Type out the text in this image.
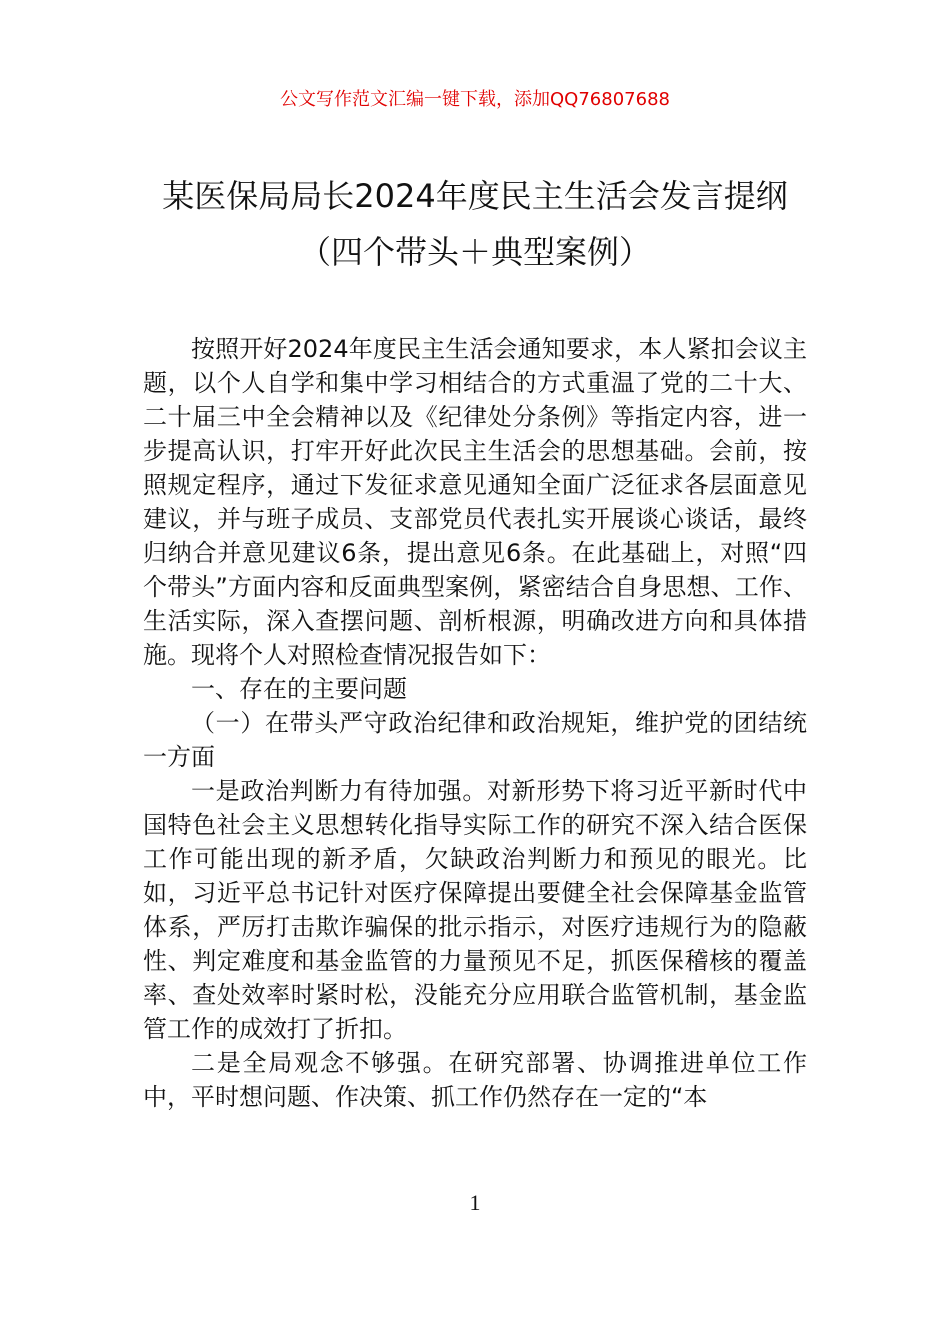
公文写作范文汇编一键下载，添加QQ76807688
某医保局局长2024年度民主生活会发言提纲（四个带头＋典型案例）

按照开好2024年度民主生活会通知要求，本人紧扣会议主题，以个人自学和集中学习相结合的方式重温了党的二十大、二十届三中全会精神以及《纪律处分条例》等指定内容，进一步提高认识，打牢开好此次民主生活会的思想基础。会前，按照规定程序，通过下发征求意见通知全面广泛征求各层面意见建议，并与班子成员、支部党员代表扎实开展谈心谈话，最终归纳合并意见建议6条，提出意见6条。在此基础上，对照“四个带头”方面内容和反面典型案例，紧密结合自身思想、工作、生活实际，深入查摆问题、剖析根源，明确改进方向和具体措施。现将个人对照检查情况报告如下：

一、存在的主要问题

（一）在带头严守政治纪律和政治规矩，维护党的团结统一方面

一是政治判断力有待加强。对新形势下将习近平新时代中国特色社会主义思想转化指导实际工作的研究不深入结合医保工作可能出现的新矛盾，欠缺政治判断力和预见的眼光。比如，习近平总书记针对医疗保障提出要健全社会保障基金监管体系，严厉打击欺诈骗保的批示指示，对医疗违规行为的隐蔽性、判定难度和基金监管的力量预见不足，抓医保稽核的覆盖率、查处效率时紧时松，没能充分应用联合监管机制，基金监管工作的成效打了折扣。

二是全局观念不够强。在研究部署、协调推进单位工作中，平时想问题、作决策、抓工作仍然存在一定的“本

1
